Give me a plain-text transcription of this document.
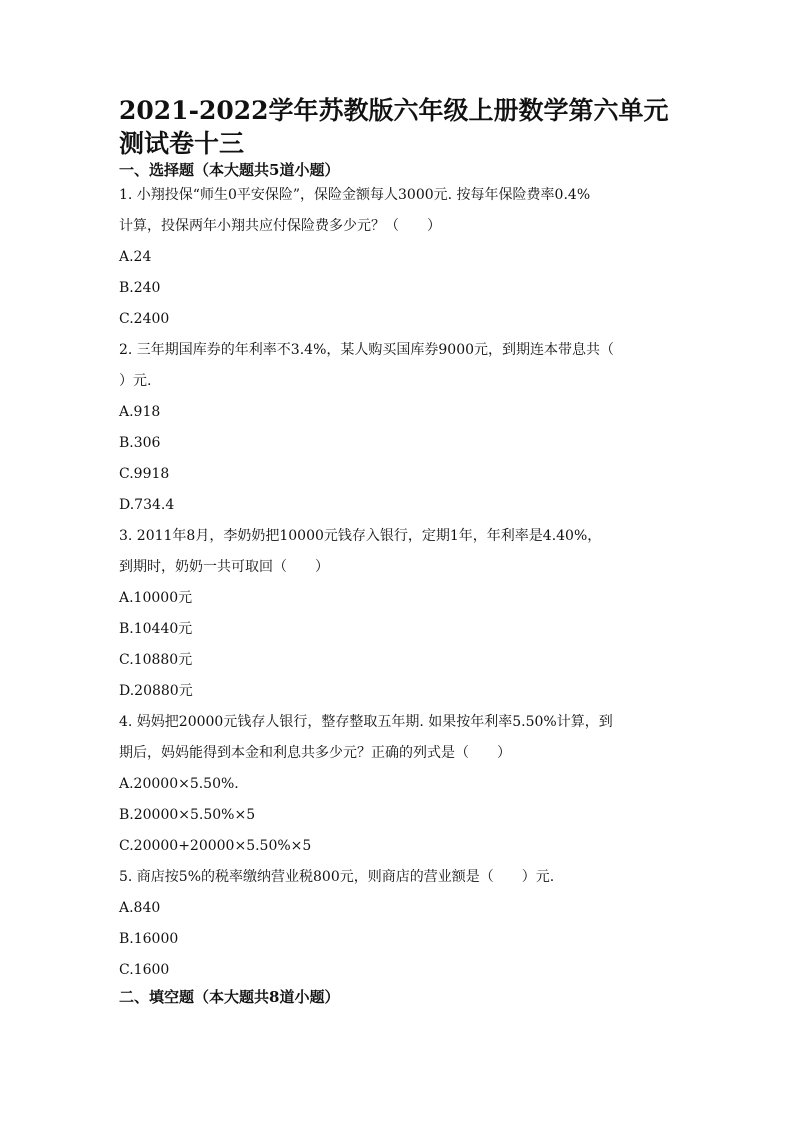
2021-2022学年苏教版六年级上册数学第六单元
测试卷十三
一、选择题（本大题共5道小题）
1. 小翔投保“师生0平安保险”，保险金额每人3000元. 按每年保险费率0.4%
计算，投保两年小翔共应付保险费多少元？（　　）
A.24
B.240
C.2400
2. 三年期国库券的年利率不3.4%，某人购买国库券9000元，到期连本带息共（
）元.
A.918
B.306
C.9918
D.734.4
3. 2011年8月，李奶奶把10000元钱存入银行，定期1年，年利率是4.40%，
到期时，奶奶一共可取回（　　）
A.10000元
B.10440元
C.10880元
D.20880元
4. 妈妈把20000元钱存人银行，整存整取五年期. 如果按年利率5.50%计算，到
期后，妈妈能得到本金和利息共多少元？正确的列式是（　　）
A.20000×5.50%.
B.20000×5.50%×5
C.20000+20000×5.50%×5
5. 商店按5%的税率缴纳营业税800元，则商店的营业额是（　　）元.
A.840
B.16000
C.1600
二、填空题（本大题共8道小题）
